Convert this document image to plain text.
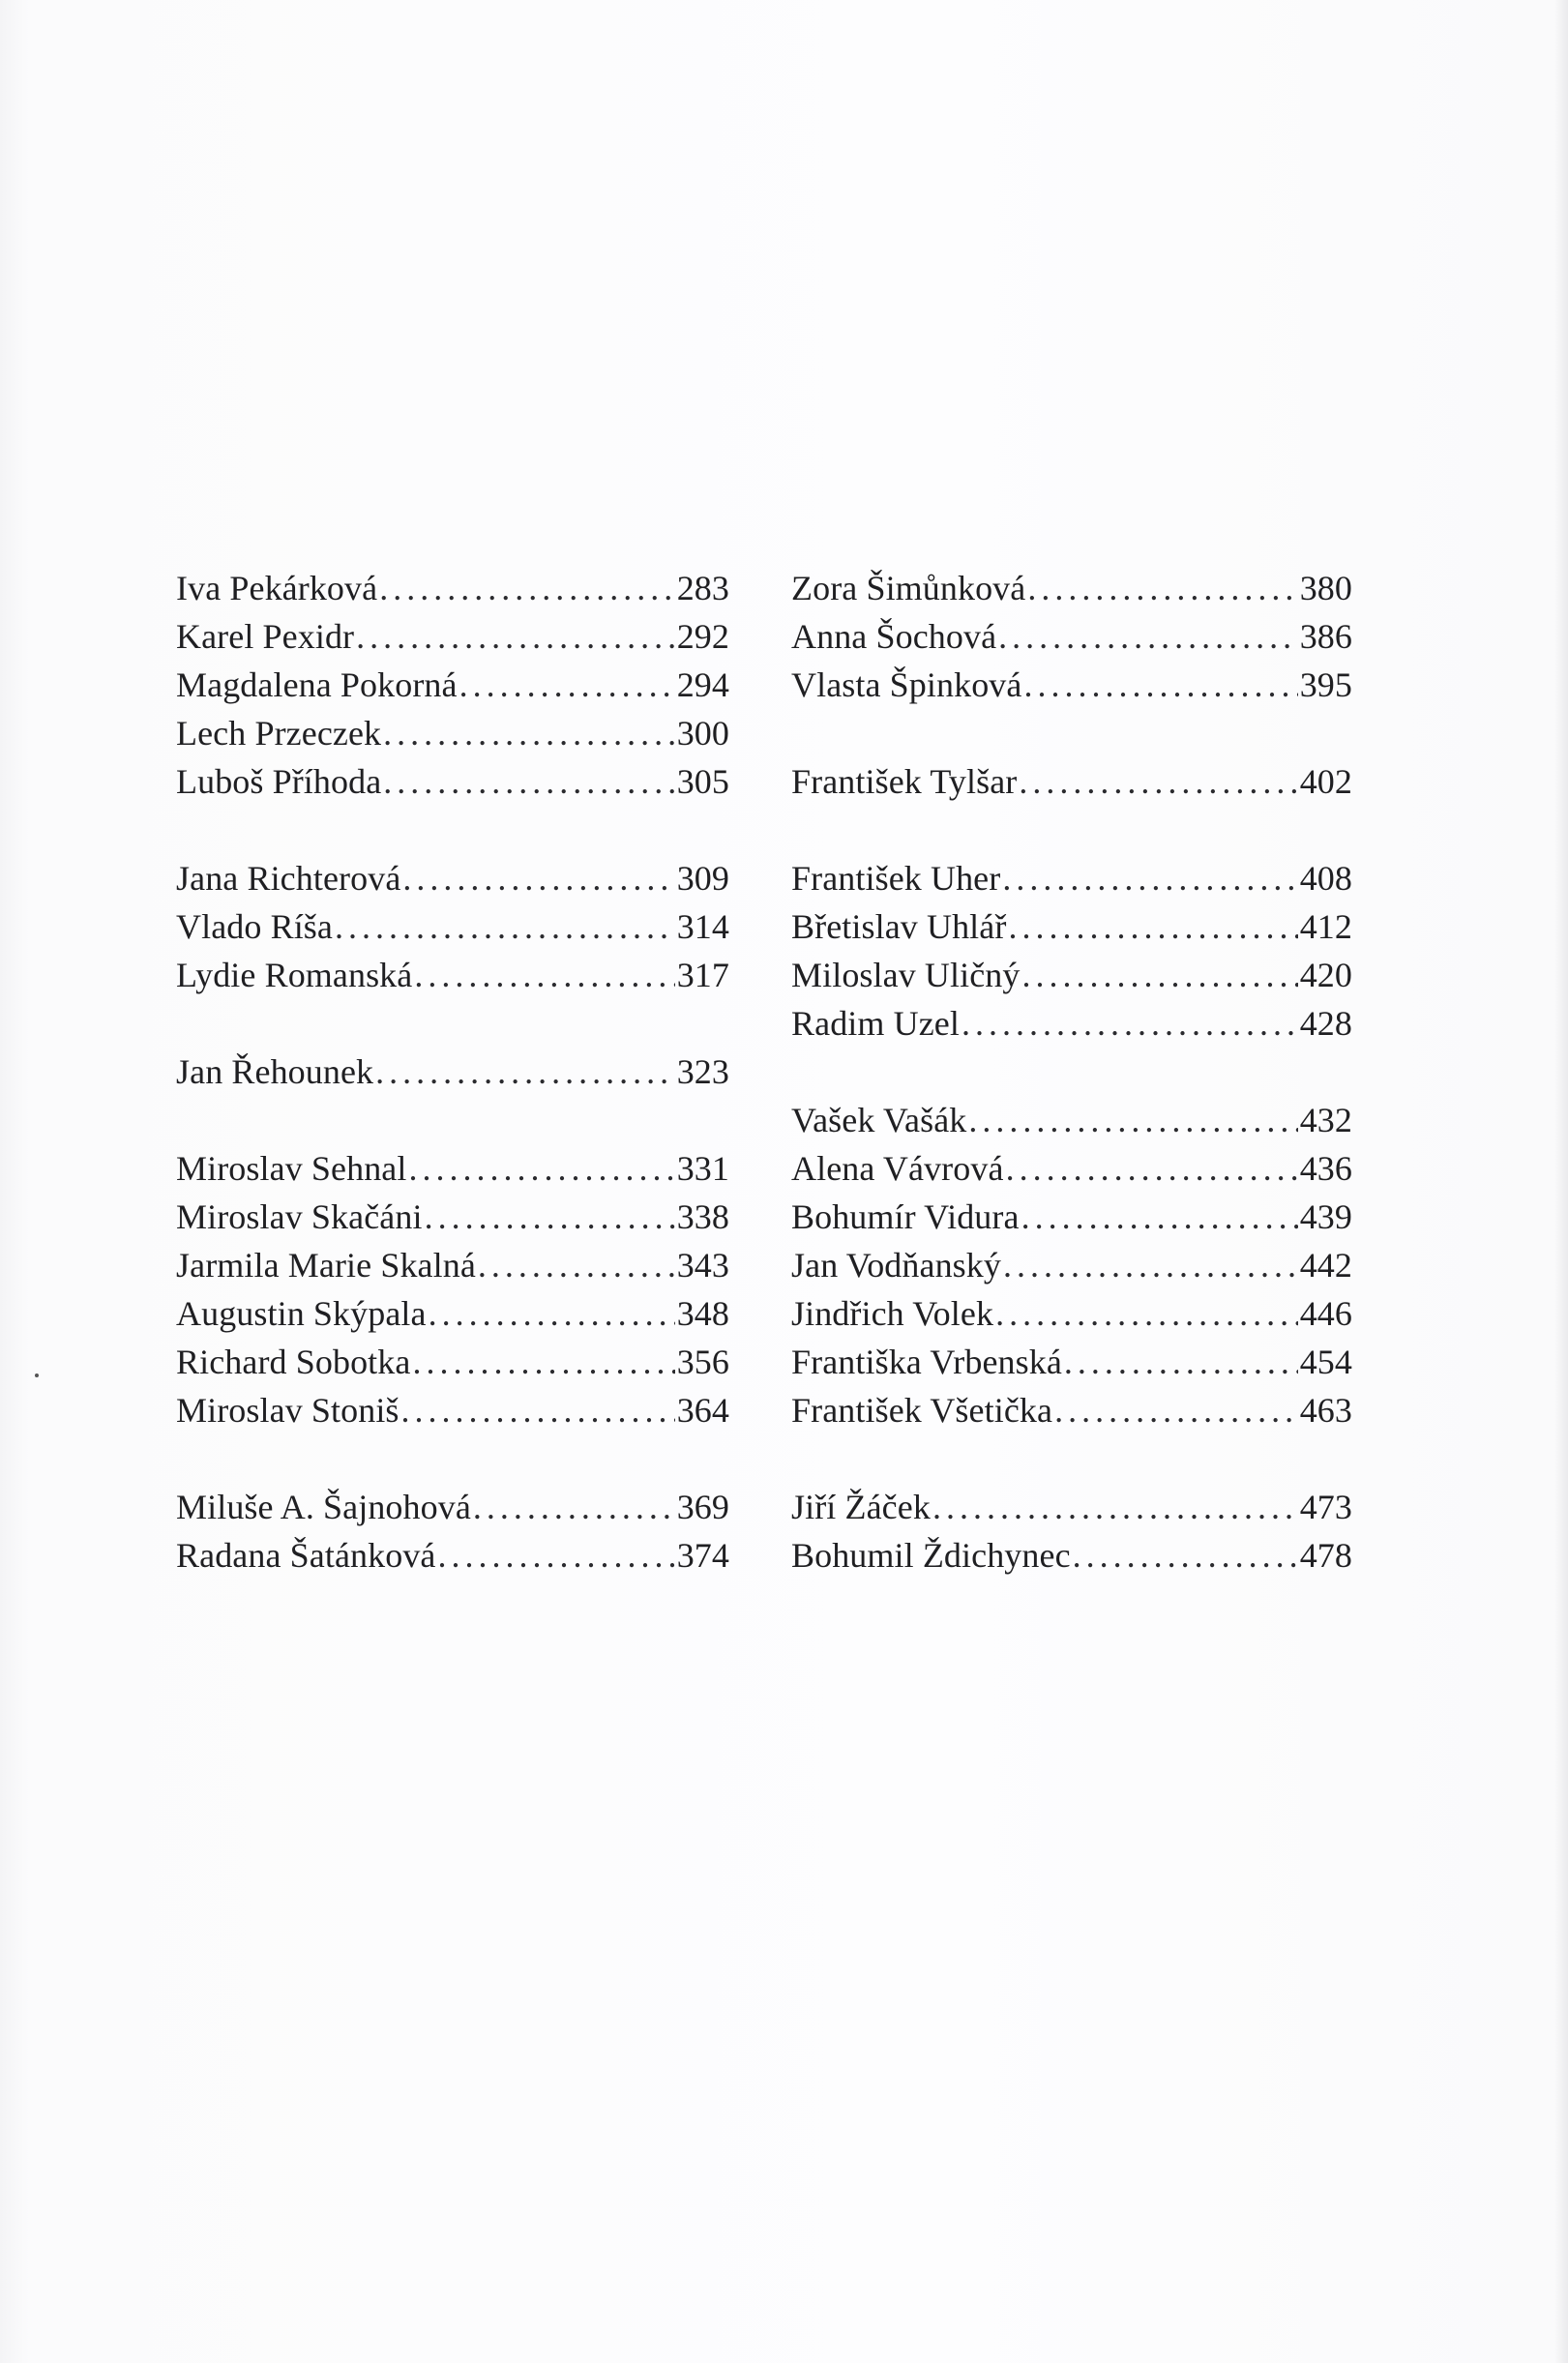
Iva Pekárková .....	283
Karel Pexidr .....	292
Magdalena Pokorná .....	294
Lech Przeczek .....	300
Luboš Příhoda .....	305
Jana Richterová .....	309
Vlado Ríša .....	314
Lydie Romanská .....	317
Jan Řehounek .....	323
Miroslav Sehnal .....	331
Miroslav Skačáni .....	338
Jarmila Marie Skalná .....	343
Augustin Skýpala .....	348
Richard Sobotka .....	356
Miroslav Stoniš .....	364
Miluše A. Šajnohová .....	369
Radana Šatánková .....	374
Zora Šimůnková .....	380
Anna Šochová .....	386
Vlasta Špinková .....	395
František Tylšar .....	402
František Uher .....	408
Břetislav Uhlář .....	412
Miloslav Uličný .....	420
Radim Uzel .....	428
Vašek Vašák .....	432
Alena Vávrová .....	436
Bohumír Vidura .....	439
Jan Vodňanský .....	442
Jindřich Volek .....	446
Františka Vrbenská .....	454
František Všetička .....	463
Jiří Žáček .....	473
Bohumil Ždichynec .....	478
